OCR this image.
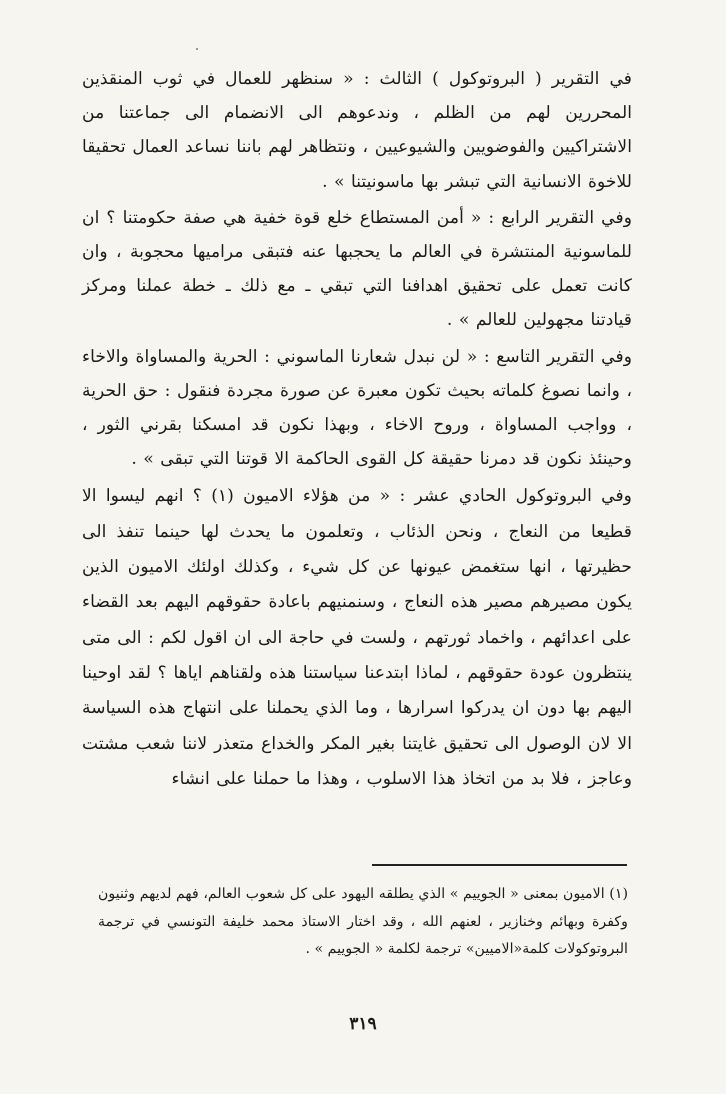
في التقرير ( البروتوكول ) الثالث : « سنظهر للعمال في ثوب المنقذين المحررين لهم من الظلم ، وندعوهم الى الانضمام الى جماعتنا من الاشتراكيين والفوضويين والشيوعيين ، ونتظاهر لهم باننا نساعد العمال تحقيقا للاخوة الانسانية التي تبشر بها ماسونيتنا » .

وفي التقرير الرابع : « أمن المستطاع خلع قوة خفية هي صفة حكومتنا ؟ ان للماسونية المنتشرة في العالم ما يحجبها عنه فتبقى مراميها محجوبة ، وان كانت تعمل على تحقيق اهدافنا التي تبقي ـ مع ذلك ـ خطة عملنا ومركز قيادتنا مجهولين للعالم » .

وفي التقرير التاسع : « لن نبدل شعارنا الماسوني : الحرية والمساواة والاخاء ، وانما نصوغ كلماته بحيث تكون معبرة عن صورة مجردة فنقول : حق الحرية ، وواجب المساواة ، وروح الاخاء ، وبهذا نكون قد امسكنا بقرني الثور ، وحينئذ نكون قد دمرنا حقيقة كل القوى الحاكمة الا قوتنا التي تبقى » .

وفي البروتوكول الحادي عشر : « من هؤلاء الاميون (١) ؟ انهم ليسوا الا قطيعا من النعاج ، ونحن الذئاب ، وتعلمون ما يحدث لها حينما تنفذ الى حظيرتها ، انها ستغمض عيونها عن كل شيء ، وكذلك اولئك الاميون الذين يكون مصيرهم مصير هذه النعاج ، وسنمنيهم باعادة حقوقهم اليهم بعد القضاء على اعدائهم ، واخماد ثورتهم ، ولست في حاجة الى ان اقول لكم : الى متى ينتظرون عودة حقوقهم ، لماذا ابتدعنا سياستنا هذه ولقناهم اياها ؟ لقد اوحينا اليهم بها دون ان يدركوا اسرارها ، وما الذي يحملنا على انتهاج هذه السياسة الا لان الوصول الى تحقيق غايتنا بغير المكر والخداع متعذر لاننا شعب مشتت وعاجز ، فلا بد من اتخاذ هذا الاسلوب ، وهذا ما حملنا على انشاء

(١) الاميون بمعنى « الجوييم » الذي يطلقه اليهود على كل شعوب العالم، فهم لديهم وثنيون وكفرة وبهائم وخنازير ، لعنهم الله ، وقد اختار الاستاذ محمد خليفة التونسي في ترجمة البروتوكولات كلمة«الاميين» ترجمة لكلمة « الجوييم » .

٣١٩
